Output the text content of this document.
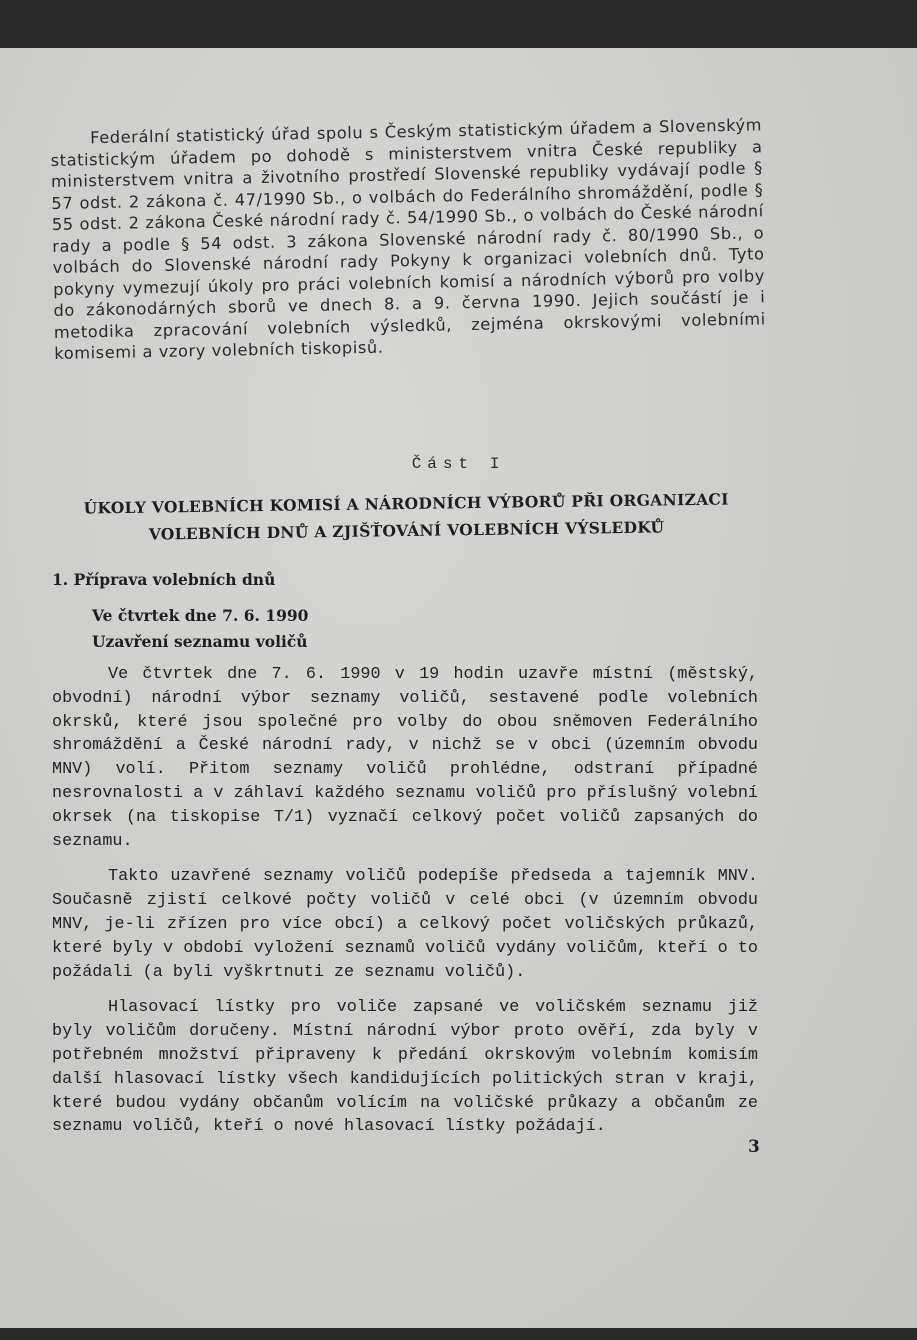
Federální statistický úřad spolu s Českým statistickým úřadem a Slovenským statistickým úřadem po dohodě s ministerstvem vnitra České republiky a ministerstvem vnitra a životního prostředí Slovenské republiky vydávají podle § 57 odst. 2 zákona č. 47/1990 Sb., o volbách do Federálního shromáždění, podle § 55 odst. 2 zákona České národní rady č. 54/1990 Sb., o volbách do České národní rady a podle § 54 odst. 3 zákona Slovenské národní rady č. 80/1990 Sb., o volbách do Slovenské národní rady Pokyny k organizaci volebních dnů. Tyto pokyny vymezují úkoly pro práci volebních komisí a národních výborů pro volby do zákonodárných sborů ve dnech 8. a 9. června 1990. Jejich součástí je i metodika zpracování volebních výsledků, zejména okrskovými volebními komisemi a vzory volebních tiskopisů.

Část I
ÚKOLY VOLEBNÍCH KOMISÍ A NÁRODNÍCH VÝBORŮ PŘI ORGANIZACI
VOLEBNÍCH DNŮ A ZJIŠŤOVÁNÍ VOLEBNÍCH VÝSLEDKŮ
1. Příprava volebních dnů
Ve čtvrtek dne 7. 6. 1990
Uzavření seznamu voličů

Ve čtvrtek dne 7. 6. 1990 v 19 hodin uzavře místní (městský, obvodní) národní výbor seznamy voličů, sestavené podle volebních okrsků, které jsou společné pro volby do obou sněmoven Federálního shromáždění a České národní rady, v nichž se v obci (územním obvodu MNV) volí. Přitom seznamy voličů prohlédne, odstraní případné nesrovnalosti a v záhlaví každého seznamu voličů pro příslušný volební okrsek (na tiskopise T/1) vyznačí celkový počet voličů zapsaných do seznamu.

Takto uzavřené seznamy voličů podepíše předseda a tajemník MNV. Současně zjistí celkové počty voličů v celé obci (v územním obvodu MNV, je-li zřízen pro více obcí) a celkový počet voličských průkazů, které byly v období vyložení seznamů voličů vydány voličům, kteří o to požádali (a byli vyškrtnuti ze seznamu voličů).

Hlasovací lístky pro voliče zapsané ve voličském seznamu již byly voličům doručeny. Místní národní výbor proto ověří, zda byly v potřebném množství připraveny k předání okrskovým volebním komisím další hlasovací lístky všech kandidujících politických stran v kraji, které budou vydány občanům volícím na voličské průkazy a občanům ze seznamu voličů, kteří o nové hlasovací lístky požádají.

3
